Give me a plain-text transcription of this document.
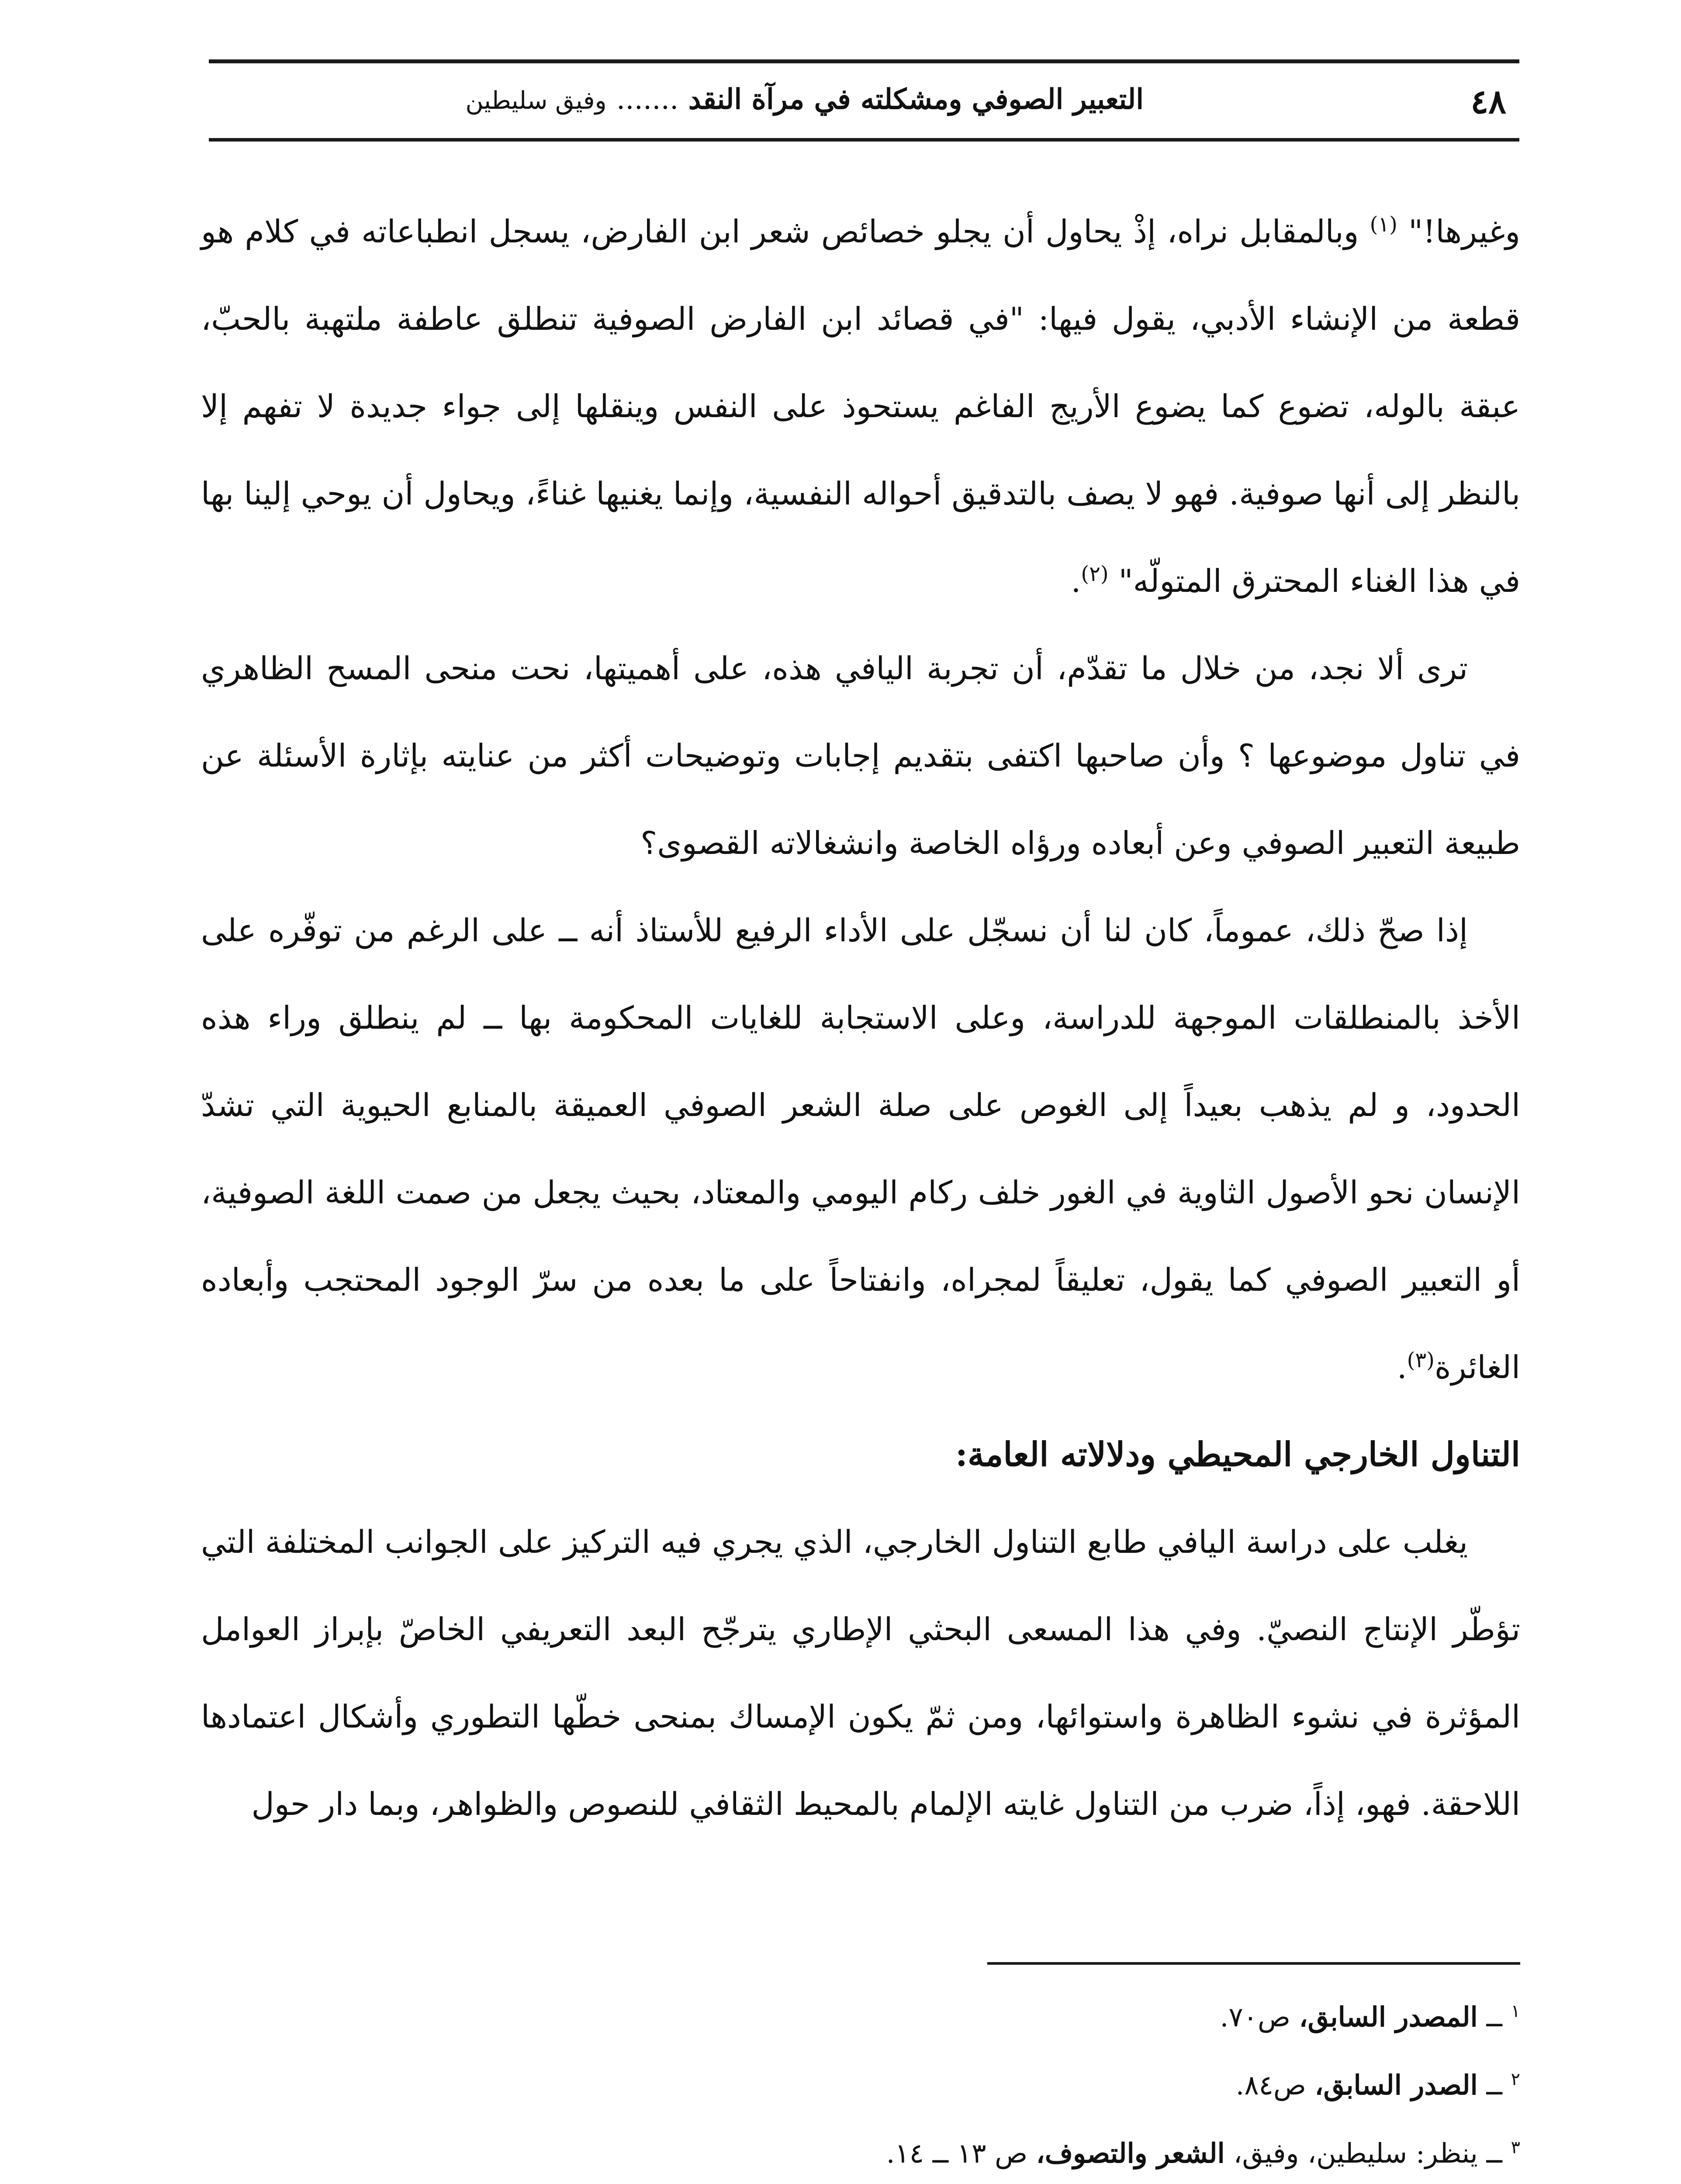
٤٨
التعبير الصوفي ومشكلته في مرآة النقد ....... وفيق سليطين

وغيرها!" $^{(١)}$ وبالمقابل نراه، إذْ يحاول أن يجلو خصائص شعر ابن الفارض، يسجل انطباعاته في كلام هو قطعة من الإنشاء الأدبي، يقول فيها: "في قصائد ابن الفارض الصوفية تنطلق عاطفة ملتهبة بالحبّ، عبقة بالوله، تضوع كما يضوع الأريج الفاغم يستحوذ على النفس وينقلها إلى جواء جديدة لا تفهم إلا بالنظر إلى أنها صوفية. فهو لا يصف بالتدقيق أحواله النفسية، وإنما يغنيها غناءً، ويحاول أن يوحي إلينا بها في هذا الغناء المحترق المتولّه" $^{(٢)}$.

ترى ألا نجد، من خلال ما تقدّم، أن تجربة اليافي هذه، على أهميتها، نحت منحى المسح الظاهري في تناول موضوعها ؟ وأن صاحبها اكتفى بتقديم إجابات وتوضيحات أكثر من عنايته بإثارة الأسئلة عن طبيعة التعبير الصوفي وعن أبعاده ورؤاه الخاصة وانشغالاته القصوى؟

إذا صحّ ذلك، عموماً، كان لنا أن نسجّل على الأداء الرفيع للأستاذ أنه ــ على الرغم من توفّره على الأخذ بالمنطلقات الموجهة للدراسة، وعلى الاستجابة للغايات المحكومة بها ــ لم ينطلق وراء هذه الحدود، و لم يذهب بعيداً إلى الغوص على صلة الشعر الصوفي العميقة بالمنابع الحيوية التي تشدّ الإنسان نحو الأصول الثاوية في الغور خلف ركام اليومي والمعتاد، بحيث يجعل من صمت اللغة الصوفية، أو التعبير الصوفي كما يقول، تعليقاً لمجراه، وانفتاحاً على ما بعده من سرّ الوجود المحتجب وأبعاده الغائرة$^{(٣)}$.

التناول الخارجي المحيطي ودلالاته العامة:

يغلب على دراسة اليافي طابع التناول الخارجي، الذي يجري فيه التركيز على الجوانب المختلفة التي تؤطّر الإنتاج النصيّ. وفي هذا المسعى البحثي الإطاري يترجّح البعد التعريفي الخاصّ بإبراز العوامل المؤثرة في نشوء الظاهرة واستوائها، ومن ثمّ يكون الإمساك بمنحى خطّها التطوري وأشكال اعتمادها اللاحقة. فهو، إذاً، ضرب من التناول غايته الإلمام بالمحيط الثقافي للنصوص والظواهر، وبما دار حول

$^١$ ــ المصدر السابق، ص٧٠.

$^٢$ ــ الصدر السابق، ص٨٤.

$^٣$ ــ ينظر: سليطين، وفيق، الشعر والتصوف، ص ١٣ ــ ١٤.
